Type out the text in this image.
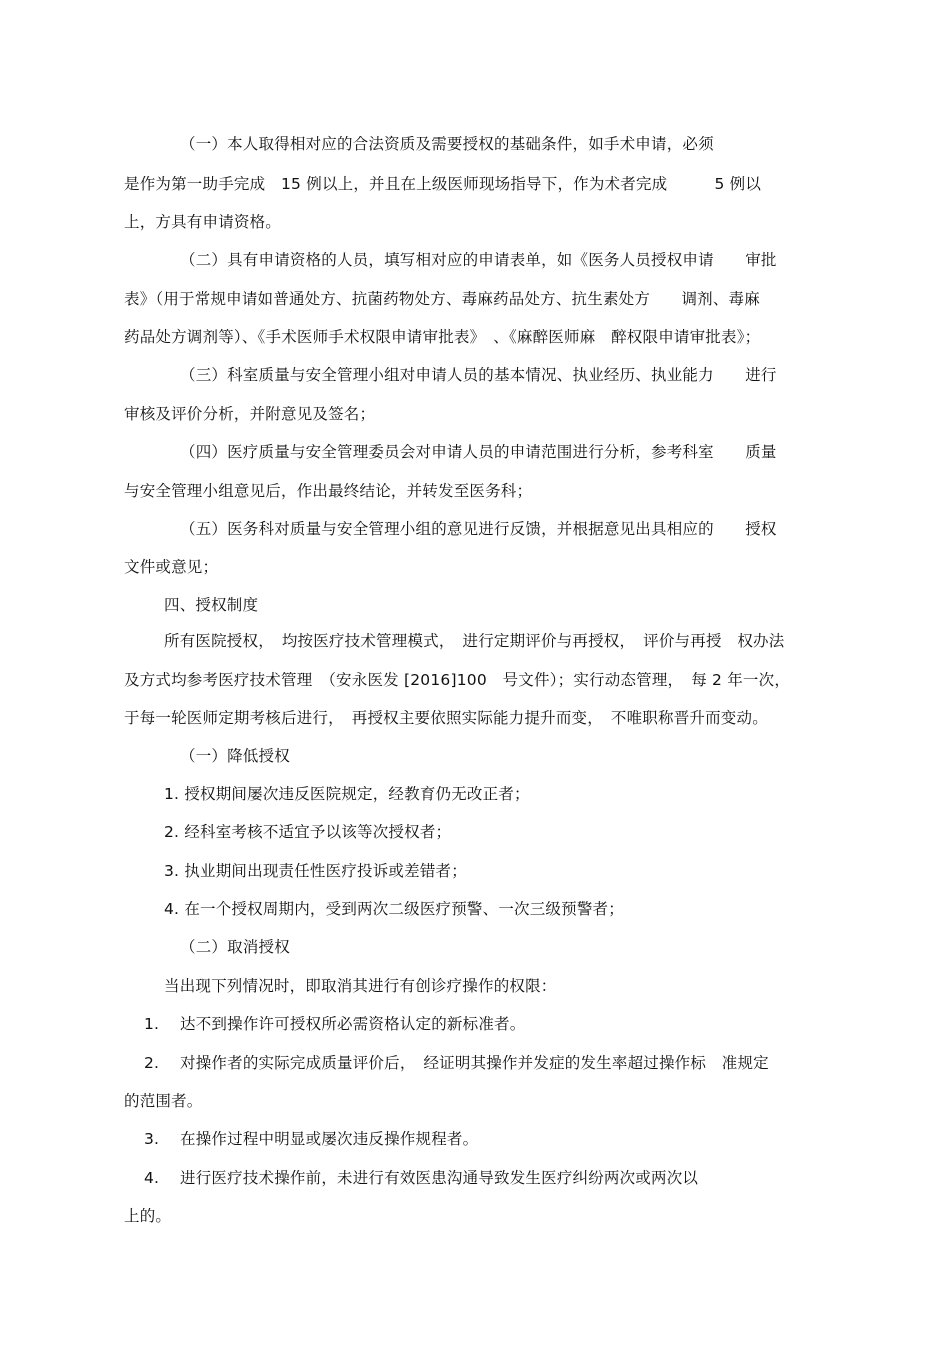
（一）本人取得相对应的合法资质及需要授权的基础条件，如手术申请，必须
是作为第一助手完成　15 例以上，并且在上级医师现场指导下，作为术者完成　　　5 例以
上，方具有申请资格。
（二）具有申请资格的人员，填写相对应的申请表单，如《医务人员授权申请　　审批
表》（用于常规申请如普通处方、抗菌药物处方、毒麻药品处方、抗生素处方　　调剂、毒麻
药品处方调剂等）、《手术医师手术权限申请审批表》　、《麻醉医师麻　醉权限申请审批表》；
（三）科室质量与安全管理小组对申请人员的基本情况、执业经历、执业能力　　进行
审核及评价分析，并附意见及签名；
（四）医疗质量与安全管理委员会对申请人员的申请范围进行分析，参考科室　　质量
与安全管理小组意见后，作出最终结论，并转发至医务科；
（五）医务科对质量与安全管理小组的意见进行反馈，并根据意见出具相应的　　授权
文件或意见；
四、授权制度
所有医院授权，　均按医疗技术管理模式，　进行定期评价与再授权，　评价与再授　权办法
及方式均参考医疗技术管理　（安永医发 [2016]100　号文件）；实行动态管理，　每 2 年一次，
于每一轮医师定期考核后进行，　再授权主要依照实际能力提升而变，　不唯职称晋升而变动。
（一）降低授权
1. 授权期间屡次违反医院规定，经教育仍无改正者；
2. 经科室考核不适宜予以该等次授权者；
3. 执业期间出现责任性医疗投诉或差错者；
4. 在一个授权周期内，受到两次二级医疗预警、一次三级预警者；
（二）取消授权
当出现下列情况时，即取消其进行有创诊疗操作的权限：
1.　 达不到操作许可授权所必需资格认定的新标准者。
2.　 对操作者的实际完成质量评价后，　经证明其操作并发症的发生率超过操作标　准规定
的范围者。
3.　 在操作过程中明显或屡次违反操作规程者。
4.　 进行医疗技术操作前，未进行有效医患沟通导致发生医疗纠纷两次或两次以
上的。
